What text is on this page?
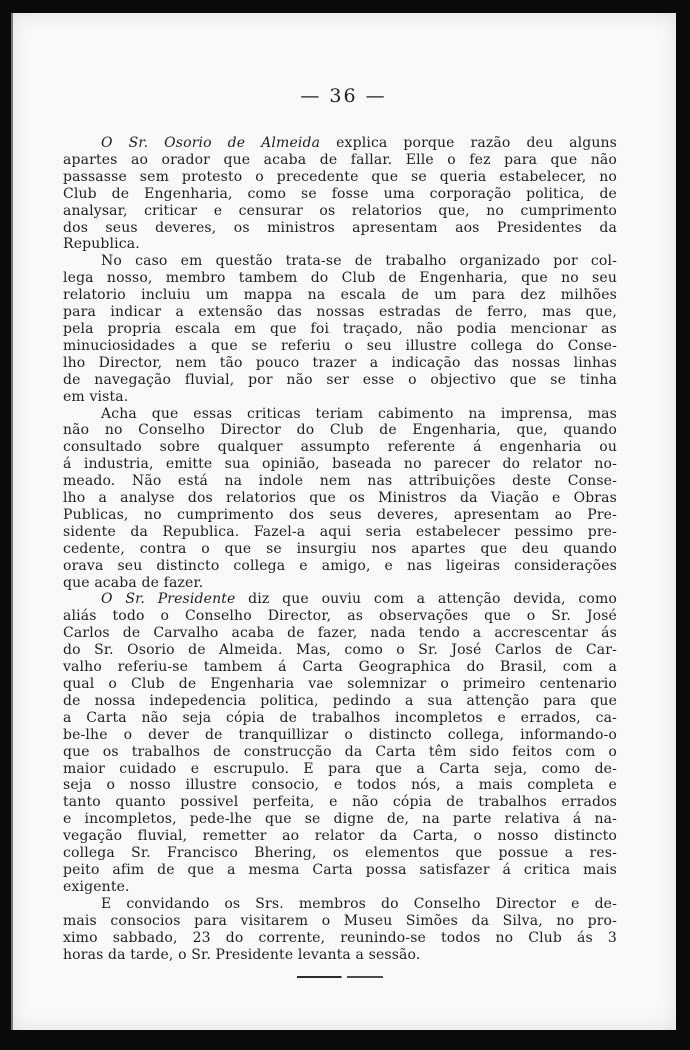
— 36 —
O Sr. Osorio de Almeida explica porque razão deu alguns
apartes ao orador que acaba de fallar. Elle o fez para que não
passasse sem protesto o precedente que se queria estabelecer, no
Club de Engenharia, como se fosse uma corporação politica, de
analysar, criticar e censurar os relatorios que, no cumprimento
dos seus deveres, os ministros apresentam aos Presidentes da
Republica.
No caso em questão trata-se de trabalho organizado por col-
lega nosso, membro tambem do Club de Engenharia, que no seu
relatorio incluiu um mappa na escala de um para dez milhões
para indicar a extensão das nossas estradas de ferro, mas que,
pela propria escala em que foi traçado, não podia mencionar as
minuciosidades a que se referiu o seu illustre collega do Conse-
lho Director, nem tão pouco trazer a indicação das nossas linhas
de navegação fluvial, por não ser esse o objectivo que se tinha
em vista.
Acha que essas criticas teriam cabimento na imprensa, mas
não no Conselho Director do Club de Engenharia, que, quando
consultado sobre qualquer assumpto referente á engenharia ou
á industria, emitte sua opinião, baseada no parecer do relator no-
meado. Não está na indole nem nas attribuições deste Conse-
lho a analyse dos relatorios que os Ministros da Viação e Obras
Publicas, no cumprimento dos seus deveres, apresentam ao Pre-
sidente da Republica. Fazel-a aqui seria estabelecer pessimo pre-
cedente, contra o que se insurgiu nos apartes que deu quando
orava seu distincto collega e amigo, e nas ligeiras considerações
que acaba de fazer.
O Sr. Presidente diz que ouviu com a attenção devida, como
aliás todo o Conselho Director, as observações que o Sr. José
Carlos de Carvalho acaba de fazer, nada tendo a accrescentar ás
do Sr. Osorio de Almeida. Mas, como o Sr. José Carlos de Car-
valho referiu-se tambem á Carta Geographica do Brasil, com a
qual o Club de Engenharia vae solemnizar o primeiro centenario
de nossa indepedencia politica, pedindo a sua attenção para que
a Carta não seja cópia de trabalhos incompletos e errados, ca-
be-lhe o dever de tranquillizar o distincto collega, informando-o
que os trabalhos de construcção da Carta têm sido feitos com o
maior cuidado e escrupulo. E para que a Carta seja, como de-
seja o nosso illustre consocio, e todos nós, a mais completa e
tanto quanto possivel perfeita, e não cópia de trabalhos errados
e incompletos, pede-lhe que se digne de, na parte relativa á na-
vegação fluvial, remetter ao relator da Carta, o nosso distincto
collega Sr. Francisco Bhering, os elementos que possue a res-
peito afim de que a mesma Carta possa satisfazer á critica mais
exigente.
E convidando os Srs. membros do Conselho Director e de-
mais consocios para visitarem o Museu Simões da Silva, no pro-
ximo sabbado, 23 do corrente, reunindo-se todos no Club ás 3
horas da tarde, o Sr. Presidente levanta a sessão.
